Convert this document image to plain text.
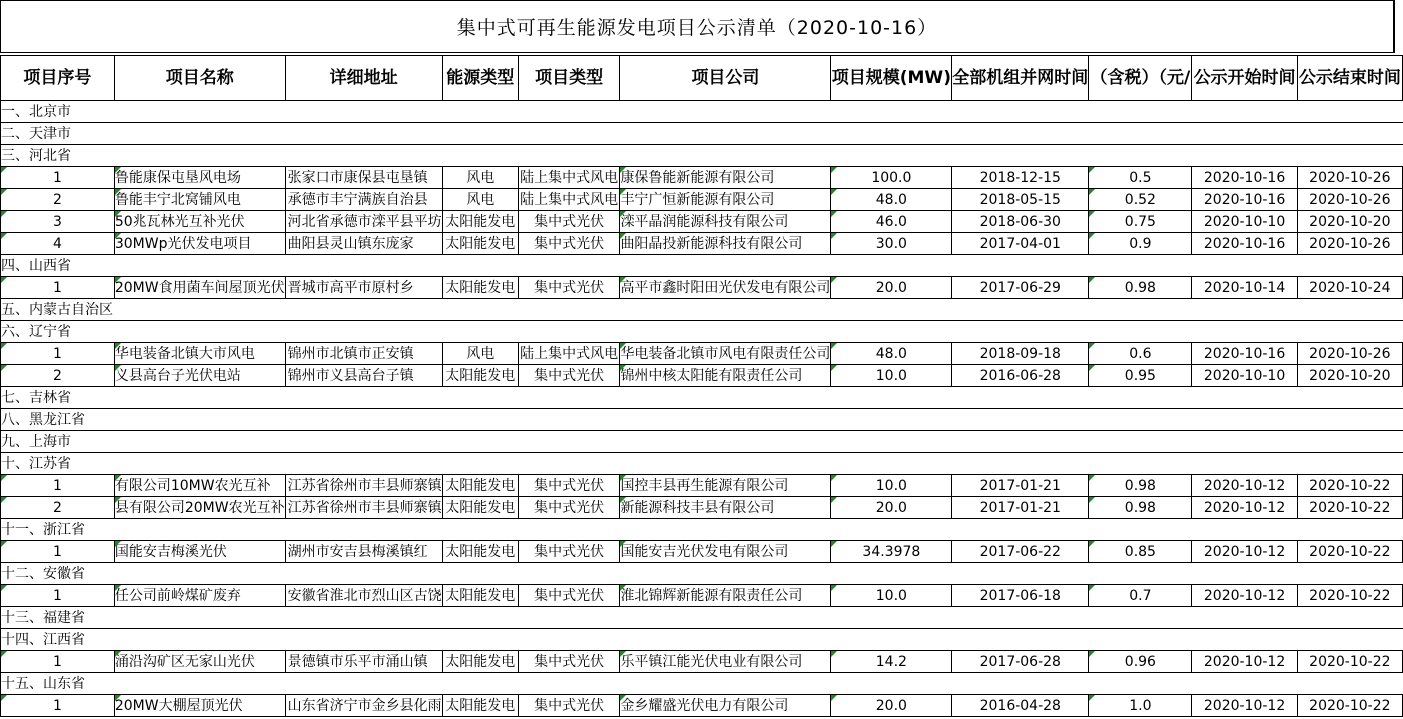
集中式可再生能源发电项目公示清单（2020-10-16）
项目序号	项目名称	详细地址	能源类型	项目类型	项目公司	项目规模(MW)	全部机组并网时间	（含税）（元/	公示开始时间	公示结束时间
一、北京市										
二、天津市										
三、河北省										
1	鲁能康保屯垦风电场	张家口市康保县屯垦镇	风电	陆上集中式风电	康保鲁能新能源有限公司	100.0	2018-12-15	0.5	2020-10-16	2020-10-26
2	鲁能丰宁北窝铺风电	承德市丰宁满族自治县	风电	陆上集中式风电	丰宁广恒新能源有限公司	48.0	2018-05-15	0.52	2020-10-16	2020-10-26
3	50兆瓦林光互补光伏	河北省承德市滦平县平坊	太阳能发电	集中式光伏	滦平晶润能源科技有限公司	46.0	2018-06-30	0.75	2020-10-10	2020-10-20
4	30MWp光伏发电项目	曲阳县灵山镇东庞家	太阳能发电	集中式光伏	曲阳晶投新能源科技有限公司	30.0	2017-04-01	0.9	2020-10-16	2020-10-26
四、山西省										
1	20MW食用菌车间屋顶光伏	晋城市高平市原村乡	太阳能发电	集中式光伏	高平市鑫时阳田光伏发电有限公司	20.0	2017-06-29	0.98	2020-10-14	2020-10-24
五、内蒙古自治区										
六、辽宁省										
1	华电装备北镇大市风电	锦州市北镇市正安镇	风电	陆上集中式风电	华电装备北镇市风电有限责任公司	48.0	2018-09-18	0.6	2020-10-16	2020-10-26
2	义县高台子光伏电站	锦州市义县高台子镇	太阳能发电	集中式光伏	锦州中核太阳能有限责任公司	10.0	2016-06-28	0.95	2020-10-10	2020-10-20
七、吉林省										
八、黑龙江省										
九、上海市										
十、江苏省										
1	有限公司10MW农光互补	江苏省徐州市丰县师寨镇	太阳能发电	集中式光伏	国控丰县再生能源有限公司	10.0	2017-01-21	0.98	2020-10-12	2020-10-22
2	县有限公司20MW农光互补	江苏省徐州市丰县师寨镇	太阳能发电	集中式光伏	新能源科技丰县有限公司	20.0	2017-01-21	0.98	2020-10-12	2020-10-22
十一、浙江省										
1	国能安吉梅溪光伏	湖州市安吉县梅溪镇红	太阳能发电	集中式光伏	国能安吉光伏发电有限公司	34.3978	2017-06-22	0.85	2020-10-12	2020-10-22
十二、安徽省										
1	任公司前岭煤矿废弃	安徽省淮北市烈山区古饶	太阳能发电	集中式光伏	淮北锦辉新能源有限责任公司	10.0	2017-06-18	0.7	2020-10-12	2020-10-22
十三、福建省										
十四、江西省										
1	涌沿沟矿区无家山光伏	景德镇市乐平市涌山镇	太阳能发电	集中式光伏	乐平镇江能光伏电业有限公司	14.2	2017-06-28	0.96	2020-10-12	2020-10-22
十五、山东省										
1	20MW大棚屋顶光伏	山东省济宁市金乡县化雨	太阳能发电	集中式光伏	金乡耀盛光伏电力有限公司	20.0	2016-04-28	1.0	2020-10-12	2020-10-22
